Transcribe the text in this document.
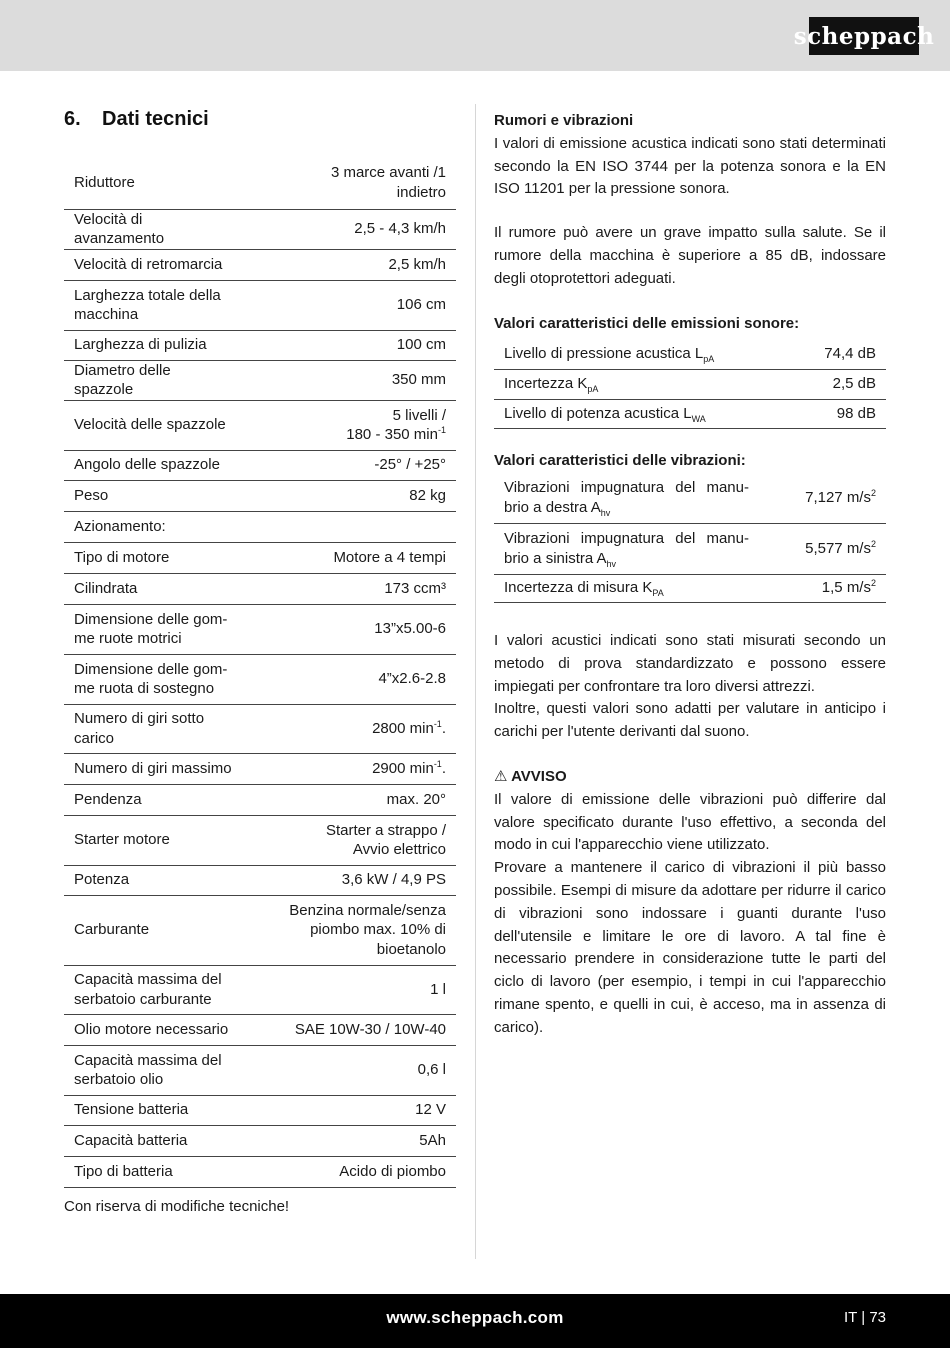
scheppach
6. Dati tecnici
Riduttore	3 marce avanti /1 indietro

Velocità di avanzamento	2,5 - 4,3 km/h
Velocità di retromarcia	2,5 km/h
Larghezza totale della macchina	106 cm
Larghezza di pulizia	100 cm
Diametro delle spazzole	350 mm
Velocità delle spazzole	5 livelli /
180 - 350 $\min^{-1}$

Angolo delle spazzole	-25° / +25°
Peso	82 kg
Azionamento:	
Tipo di motore	Motore a 4 tempi
Cilindrata	173 ccm³
Dimensione delle gom-me ruote motrici	13”x5.00-6
Dimensione delle gom-me ruota di sostegno	4”x2.6-2.8
Numero di giri sotto carico	2800 $\min^{-1}$.
Numero di giri massimo	2900 $\min^{-1}$.
Pendenza	max. 20°
Starter motore	Starter a strappo / Avvio elettrico

Potenza	3,6 kW / 4,9 PS
Carburante	Benzina normale/senza piombo max. 10% di bioetanolo

Capacità massima del serbatoio carburante	1 l
Olio motore necessario	SAE 10W-30 / 10W-40
Capacità massima del serbatoio olio	0,6 l
Tensione batteria	12 V
Capacità batteria	5Ah
Tipo di batteria	Acido di piombo
Con riserva di modifiche tecniche!
Rumori e vibrazioni

I valori di emissione acustica indicati sono stati determinati secondo la EN ISO 3744 per la potenza sonora e la EN ISO 11201 per la pressione sonora.

Il rumore può avere un grave impatto sulla salute. Se il rumore della macchina è superiore a 85 dB, indossare degli otoprotettori adeguati.

Valori caratteristici delle emissioni sonore:
Livello di pressione acustica $L_{pA}$	74,4 dB
Incertezza $K_{pA}$	2,5 dB
Livello di potenza acustica $L_{WA}$	98 dB
Valori caratteristici delle vibrazioni:
Vibrazioni impugnatura del manu-brio a destra $A_{hv}$	7,127 $m/s^2$
Vibrazioni impugnatura del manu-brio a sinistra $A_{hv}$	5,577 $m/s^2$
Incertezza di misura $K_{PA}$	1,5 $m/s^2$

I valori acustici indicati sono stati misurati secondo un metodo di prova standardizzato e possono essere impiegati per confrontare tra loro diversi attrezzi.

Inoltre, questi valori sono adatti per valutare in anticipo i carichi per l'utente derivanti dal suono.

⚠ AVVISO

Il valore di emissione delle vibrazioni può differire dal valore specificato durante l'uso effettivo, a seconda del modo in cui l'apparecchio viene utilizzato.

Provare a mantenere il carico di vibrazioni il più basso possibile. Esempi di misure da adottare per ridurre il carico di vibrazioni sono indossare i guanti durante l'uso dell'utensile e limitare le ore di lavoro. A tal fine è necessario prendere in considerazione tutte le parti del ciclo di lavoro (per esempio, i tempi in cui l'apparecchio rimane spento, e quelli in cui, è acceso, ma in assenza di carico).

www.scheppach.com	IT | 73
